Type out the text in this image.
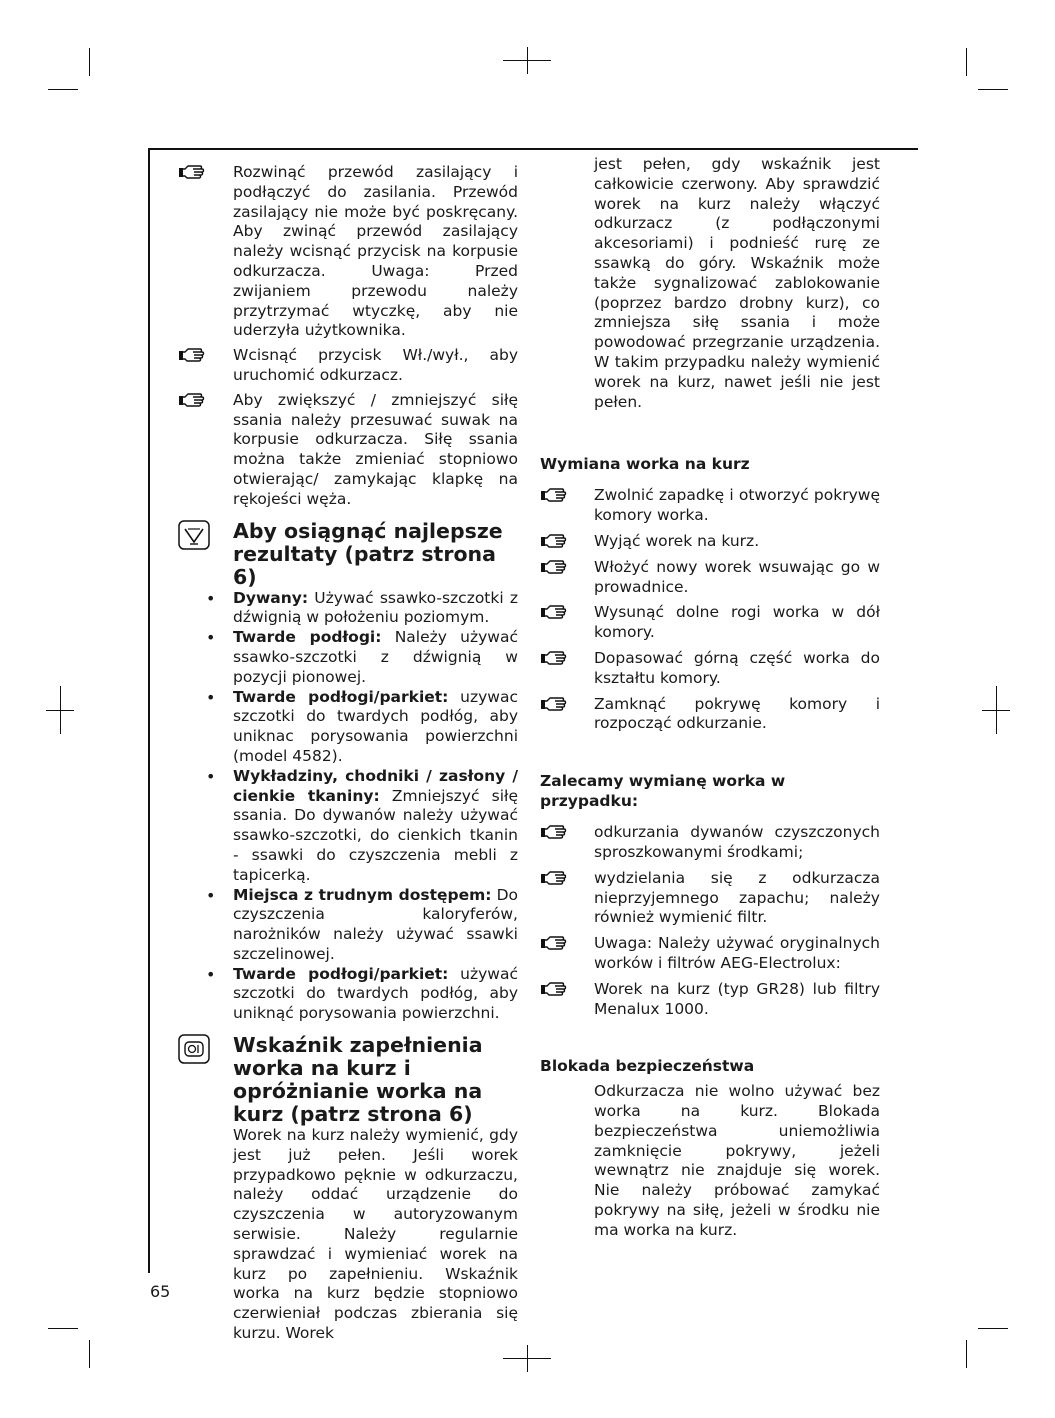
Rozwinąć przewód zasilający i podłączyć do zasilania. Przewód zasilający nie może być poskręcany. Aby zwinąć przewód zasilający należy wcisnąć przycisk na korpusie odkurzacza. Uwaga: Przed zwijaniem przewodu należy przytrzymać wtyczkę, aby nie uderzyła użytkownika.

Wcisnąć przycisk Wł./wył., aby uruchomić odkurzacz.

Aby zwiększyć / zmniejszyć siłę ssania należy przesuwać suwak na korpusie odkurzacza. Siłę ssania można także zmieniać stopniowo otwierając/ zamykając klapkę na rękojeści węża.

Aby osiągnąć najlepsze rezultaty (patrz strona 6)

• Dywany: Używać ssawko-szczotki z dźwignią w położeniu poziomym.
• Twarde podłogi: Należy używać ssawko-szczotki z dźwignią w pozycji pionowej.
• Twarde podłogi/parkiet: uzywac szczotki do twardych podłóg, aby uniknac porysowania powierzchni (model 4582).
• Wykładziny, chodniki / zasłony / cienkie tkaniny: Zmniejszyć siłę ssania. Do dywanów należy używać ssawko-szczotki, do cienkich tkanin - ssawki do czyszczenia mebli z tapicerką.
• Miejsca z trudnym dostępem: Do czyszczenia kaloryferów, narożników należy używać ssawki szczelinowej.
• Twarde podłogi/parkiet: używać szczotki do twardych podłóg, aby uniknąć porysowania powierzchni.

Wskaźnik zapełnienia worka na kurz i opróżnianie worka na kurz (patrz strona 6)

Worek na kurz należy wymienić, gdy jest już pełen. Jeśli worek przypadkowo pęknie w odkurzaczu, należy oddać urządzenie do czyszczenia w autoryzowanym serwisie. Należy regularnie sprawdzać i wymieniać worek na kurz po zapełnieniu. Wskaźnik worka na kurz będzie stopniowo czerwieniał podczas zbierania się kurzu. Worek

jest pełen, gdy wskaźnik jest całkowicie czerwony. Aby sprawdzić worek na kurz należy włączyć odkurzacz (z podłączonymi akcesoriami) i podnieść rurę ze ssawką do góry. Wskaźnik może także sygnalizować zablokowanie (poprzez bardzo drobny kurz), co zmniejsza siłę ssania i może powodować przegrzanie urządzenia. W takim przypadku należy wymienić worek na kurz, nawet jeśli nie jest pełen.

Wymiana worka na kurz

Zwolnić zapadkę i otworzyć pokrywę komory worka.

Wyjąć worek na kurz.

Włożyć nowy worek wsuwając go w prowadnice.

Wysunąć dolne rogi worka w dół komory.

Dopasować górną część worka do kształtu komory.

Zamknąć pokrywę komory i rozpocząć odkurzanie.

Zalecamy wymianę worka w przypadku:

odkurzania dywanów czyszczonych sproszkowanymi środkami;

wydzielania się z odkurzacza nieprzyjemnego zapachu; należy również wymienić filtr.

Uwaga: Należy używać oryginalnych worków i filtrów AEG-Electrolux:

Worek na kurz (typ GR28) lub filtry Menalux 1000.

Blokada bezpieczeństwa

Odkurzacza nie wolno używać bez worka na kurz. Blokada bezpieczeństwa uniemożliwia zamknięcie pokrywy, jeżeli wewnątrz nie znajduje się worek. Nie należy próbować zamykać pokrywy na siłę, jeżeli w środku nie ma worka na kurz.

65
